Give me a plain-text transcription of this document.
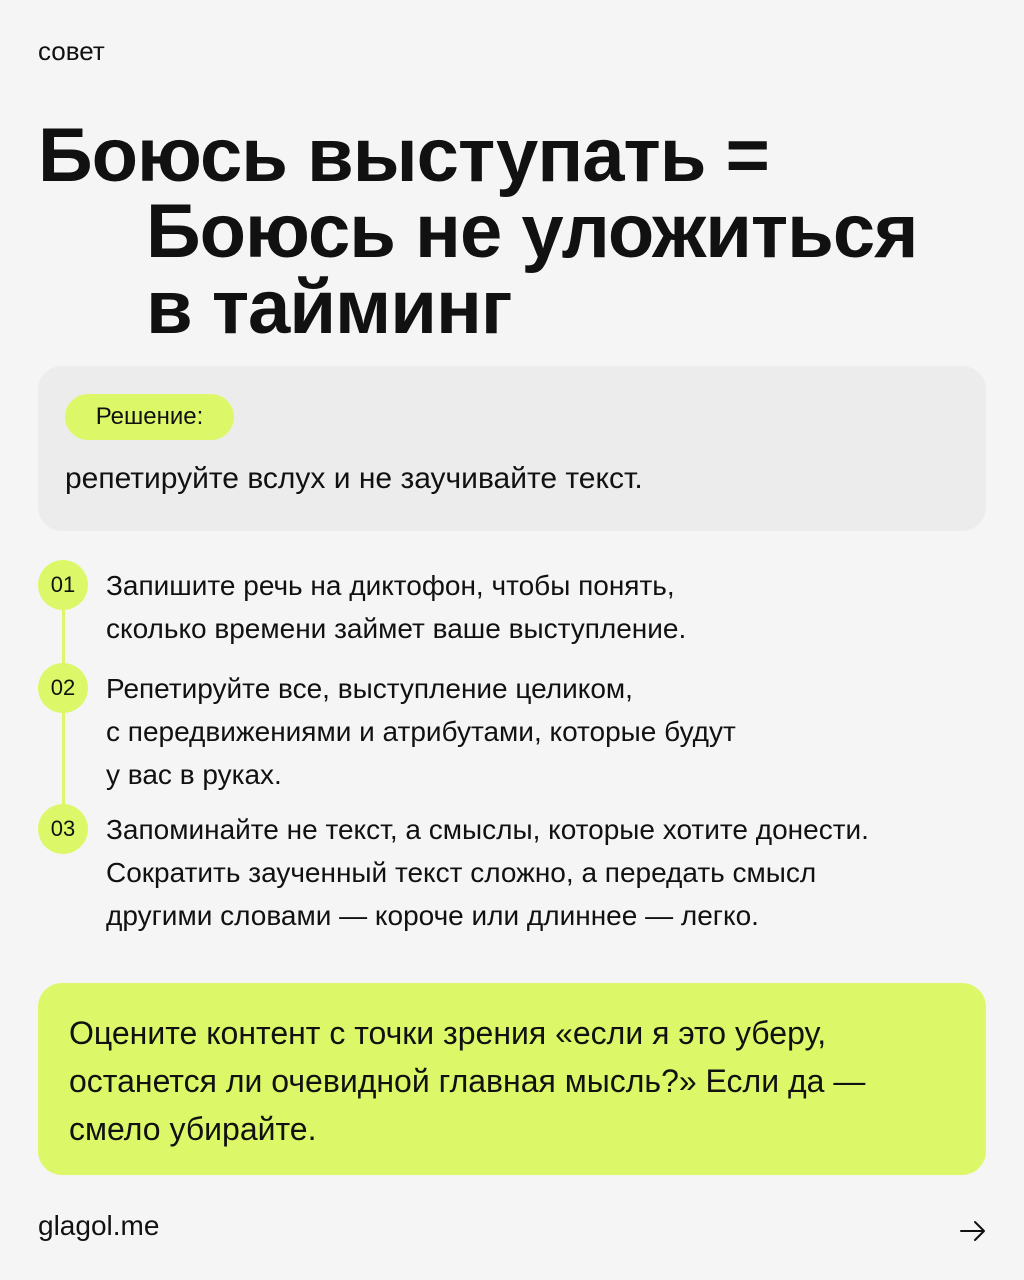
совет
Боюсь выступать =
Боюсь не уложиться
в тайминг
Решение:
репетируйте вслух и не заучивайте текст.
01	Запишите речь на диктофон, чтобы понять,
сколько времени займет ваше выступление.
02	Репетируйте все, выступление целиком,
с передвижениями и атрибутами, которые будут
у вас в руках.
03	Запоминайте не текст, а смыслы, которые хотите донести.
Сократить заученный текст сложно, а передать смысл
другими словами — короче или длиннее — легко.
Оцените контент с точки зрения «если я это уберу,
останется ли очевидной главная мысль?» Если да —
смело убирайте.
glagol.me
